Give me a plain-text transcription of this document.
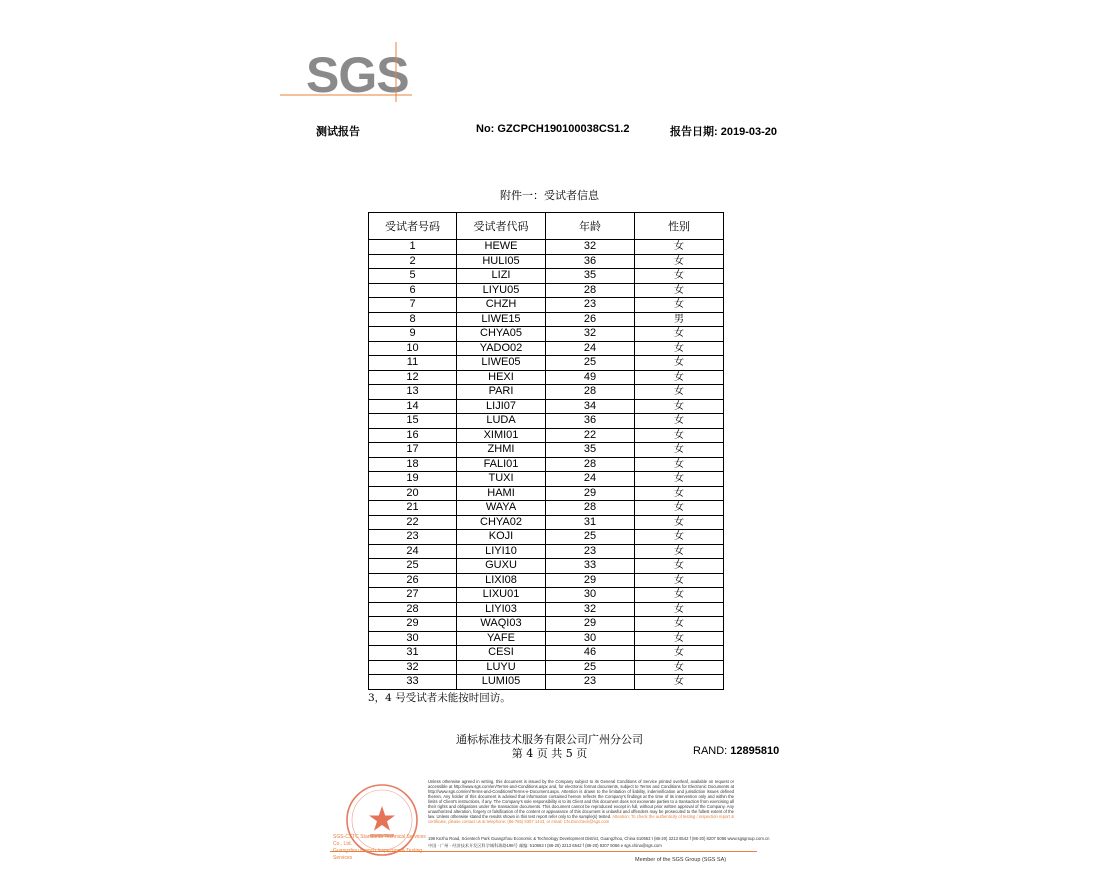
SGS
测试报告	No: GZCPCH190100038CS1.2	报告日期: 2019-03-20
附件一：受试者信息
受试者号码	受试者代码	年龄	性别
1	HEWE	32	女
2	HULI05	36	女
5	LIZI	35	女
6	LIYU05	28	女
7	CHZH	23	女
8	LIWE15	26	男
9	CHYA05	32	女
10	YADO02	24	女
11	LIWE05	25	女
12	HEXI	49	女
13	PARI	28	女
14	LIJI07	34	女
15	LUDA	36	女
16	XIMI01	22	女
17	ZHMI	35	女
18	FALI01	28	女
19	TUXI	24	女
20	HAMI	29	女
21	WAYA	28	女
22	CHYA02	31	女
23	KOJI	25	女
24	LIYI10	23	女
25	GUXU	33	女
26	LIXI08	29	女
27	LIXU01	30	女
28	LIYI03	32	女
29	WAQI03	29	女
30	YAFE	30	女
31	CESI	46	女
32	LUYU	25	女
33	LUMI05	23	女
3，4 号受试者未能按时回访。
通标标准技术服务有限公司广州分公司
第 4 页 共 5 页	RAND: 12895810
SGS-CSTC Standards Technical Services Co., Ltd.
Guangzhou Branch Inspection & Testing Services
Unless otherwise agreed in writing, this document is issued by the Company subject to its General Conditions of Service printed overleaf, available on request or accessible at http://www.sgs.com/en/Terms-and-Conditions.aspx and, for electronic format documents, subject to Terms and Conditions for Electronic Documents at http://www.sgs.com/en/Terms-and-Conditions/Terms-e-Document.aspx. Attention is drawn to the limitation of liability, indemnification and jurisdiction issues defined therein. Any holder of this document is advised that information contained hereon reflects the Company's findings at the time of its intervention only and within the limits of Client's instructions, if any. The Company's sole responsibility is to its Client and this document does not exonerate parties to a transaction from exercising all their rights and obligations under the transaction documents. This document cannot be reproduced except in full, without prior written approval of the Company. Any unauthorized alteration, forgery or falsification of the content or appearance of this document is unlawful and offenders may be prosecuted to the fullest extent of the law. Unless otherwise stated the results shown in this test report refer only to the sample(s) tested. Attention: To check the authenticity of testing / inspection report & certificate, please contact us at telephone: (86-755) 8307 1443, or email: CN.Doccheck@sgs.com
198 Kezhu Road, Scientech Park Guangzhou Economic & Technology Development District, Guangzhou, China 510663 t (86-20) 3213 6542 f (86-20) 8207 5066 www.sgsgroup.com.cn
中国 · 广州 · 经济技术开发区科学城科珠路198号 邮编: 510663 t (86-20) 3213 6542 f (86-20) 8207 5066 e sgs.china@sgs.com
Member of the SGS Group (SGS SA)
